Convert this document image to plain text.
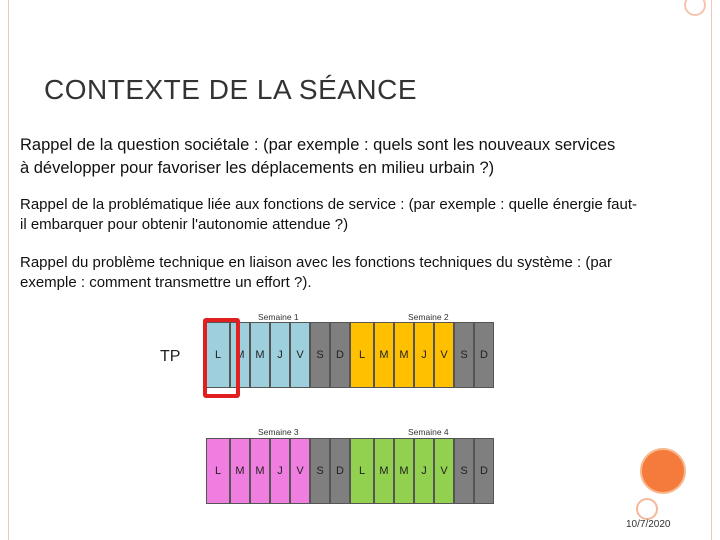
CONTEXTE DE LA SÉANCE
Rappel de la question sociétale : (par exemple : quels sont les nouveaux services
à développer pour favoriser les déplacements en milieu urbain ?)
Rappel de la problématique liée aux fonctions de service : (par exemple : quelle énergie faut-
il embarquer pour obtenir l'autonomie attendue ?)
Rappel du problème technique en liaison avec les fonctions techniques du système : (par
exemple : comment transmettre un effort ?).
TP
Semaine 1	Semaine 2
Semaine 3	Semaine 4
L	M M	J	V	S	D	L	M M	J	V	S	D
L	M M	J	V	S	D	L	M M	J	V	S	D
10/7/2020
